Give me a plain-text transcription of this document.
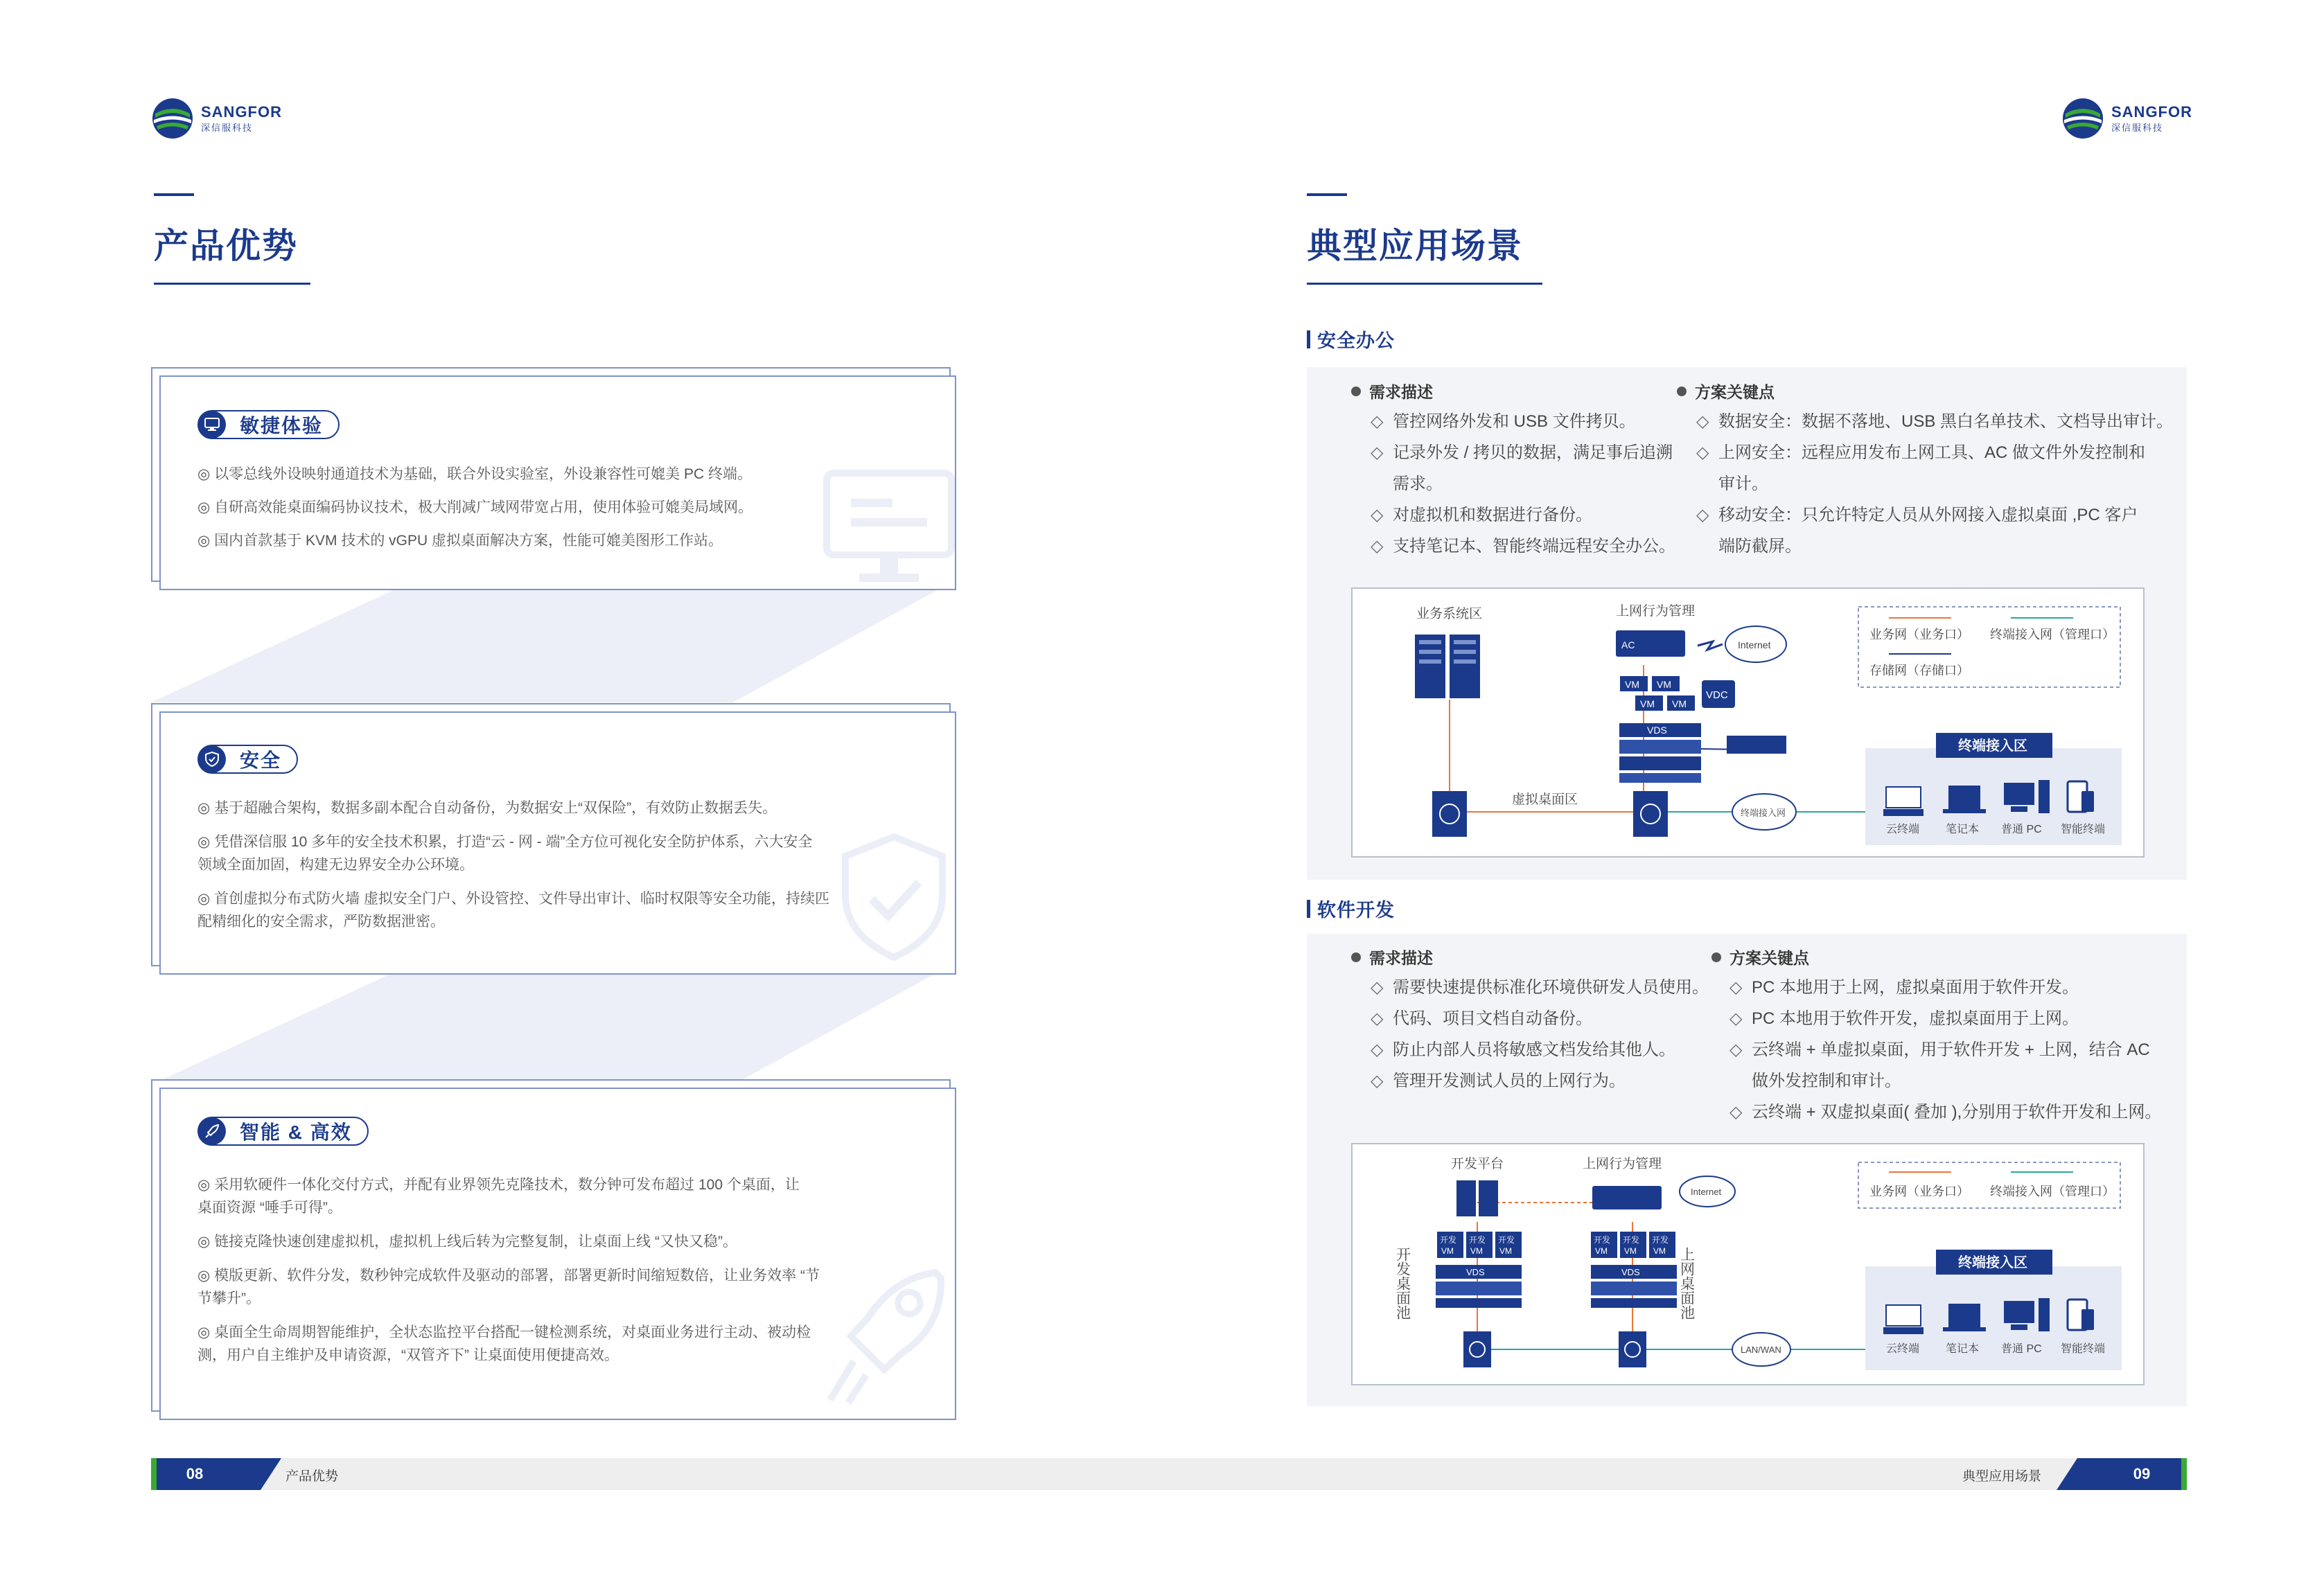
SANGFOR
深信服科技
产品优势
敏捷体验
◎ 以零总线外设映射通道技术为基础，联合外设实验室，外设兼容性可媲美 PC 终端。
◎ 自研高效能桌面编码协议技术，极大削减广域网带宽占用，使用体验可媲美局域网。
◎ 国内首款基于 KVM 技术的 vGPU 虚拟桌面解决方案，性能可媲美图形工作站。
安全
◎ 基于超融合架构，数据多副本配合自动备份，为数据安上“双保险”，有效防止数据丢失。
◎ 凭借深信服 10 多年的安全技术积累，打造“云 - 网 - 端”全方位可视化安全防护体系，六大安全
领域全面加固，构建无边界安全办公环境。
◎ 首创虚拟分布式防火墙 虚拟安全门户、外设管控、文件导出审计、临时权限等安全功能，持续匹
配精细化的安全需求，严防数据泄密。
智能 & 高效
◎ 采用软硬件一体化交付方式，并配有业界领先克隆技术，数分钟可发布超过 100 个桌面，让
桌面资源 “唾手可得”。
◎ 链接克隆快速创建虚拟机，虚拟机上线后转为完整复制，让桌面上线 “又快又稳”。
◎ 模版更新、软件分发，数秒钟完成软件及驱动的部署，部署更新时间缩短数倍，让业务效率 “节
节攀升”。
◎ 桌面全生命周期智能维护，全状态监控平台搭配一键检测系统，对桌面业务进行主动、被动检
测，用户自主维护及申请资源，“双管齐下” 让桌面使用便捷高效。
SANGFOR
深信服科技
典型应用场景
安全办公
需求描述
◇ 管控网络外发和 USB 文件拷贝。
◇ 记录外发 / 拷贝的数据，满足事后追溯
需求。
◇ 对虚拟机和数据进行备份。
◇ 支持笔记本、智能终端远程安全办公。
方案关键点
◇ 数据安全：数据不落地、USB 黑白名单技术、文档导出审计。
◇ 上网安全：远程应用发布上网工具、AC 做文件外发控制和
审计。
◇ 移动安全：只允许特定人员从外网接入虚拟桌面 ,PC 客户
端防截屏。
业务系统区	上网行为管理
AC	Internet
VM VM
VM VM
VDC
VDS
虚拟桌面区
终端接入网
业务网（业务口） 终端接入网（管理口）
存储网（存储口）
终端接入区
云终端 笔记本 普通 PC 智能终端
软件开发
需求描述
◇ 需要快速提供标准化环境供研发人员使用。
◇ 代码、项目文档自动备份。
◇ 防止内部人员将敏感文档发给其他人。
◇ 管理开发测试人员的上网行为。
方案关键点
◇ PC 本地用于上网，虚拟桌面用于软件开发。
◇ PC 本地用于软件开发，虚拟桌面用于上网。
◇ 云终端 + 单虚拟桌面，用于软件开发 + 上网，结合 AC
做外发控制和审计。
◇ 云终端 + 双虚拟桌面( 叠加 ),分别用于软件开发和上网。
开发平台	上网行为管理
Internet
开发桌面池	上网桌面池
开发
VM
开发
VM
开发
VM
VDS
开发
VM
开发
VM
开发
VM
VDS
LAN/WAN
业务网（业务口） 终端接入网（管理口）
终端接入区
云终端 笔记本 普通 PC 智能终端
08	产品优势	09
典型应用场景
